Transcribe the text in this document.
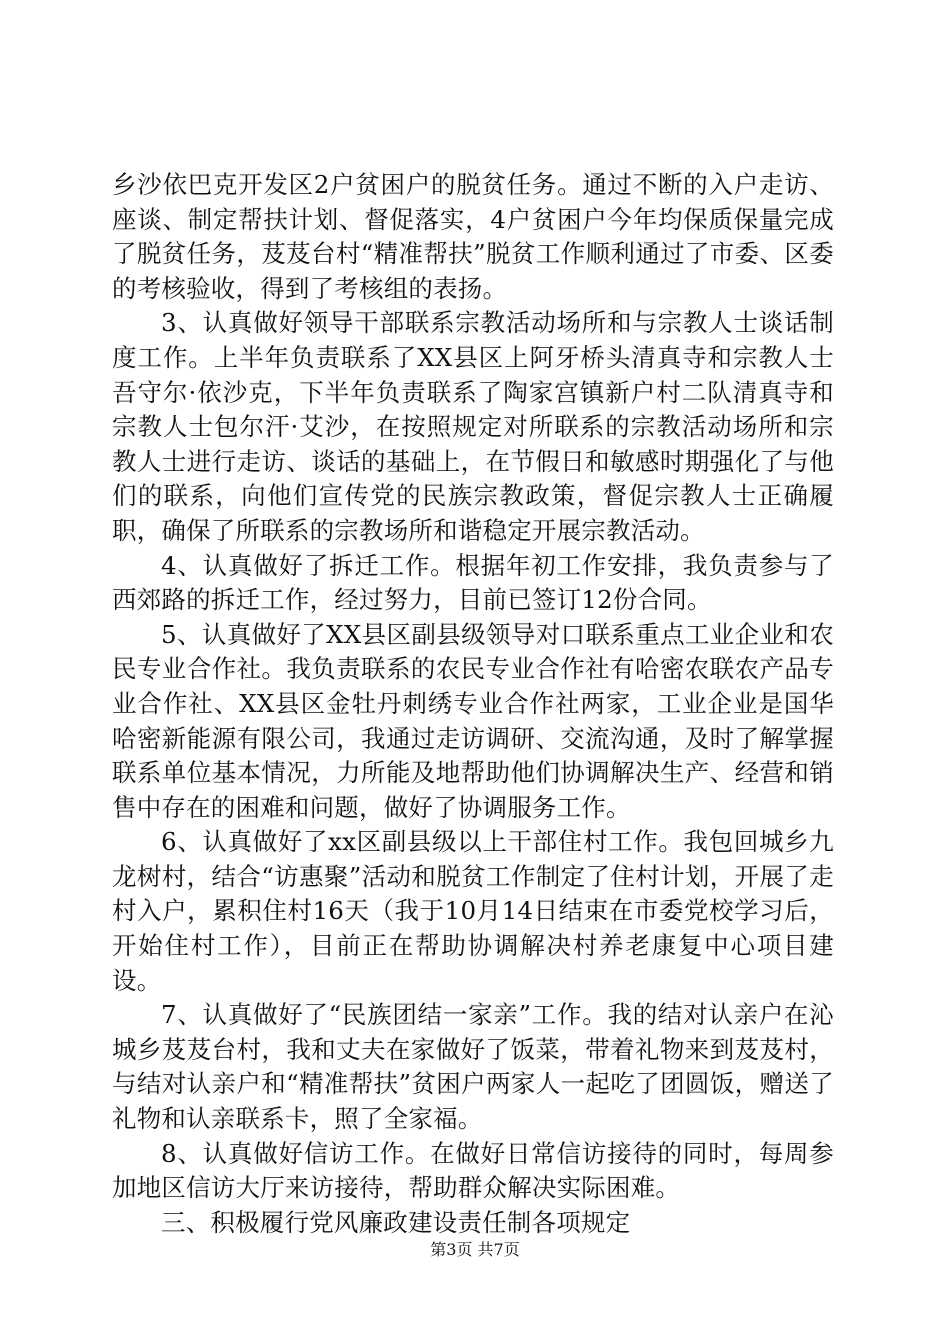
乡沙依巴克开发区2户贫困户的脱贫任务。通过不断的入户走访、座谈、制定帮扶计划、督促落实，4户贫困户今年均保质保量完成了脱贫任务，芨芨台村“精准帮扶”脱贫工作顺利通过了市委、区委的考核验收，得到了考核组的表扬。

3、认真做好领导干部联系宗教活动场所和与宗教人士谈话制度工作。上半年负责联系了XX县区上阿牙桥头清真寺和宗教人士吾守尔·依沙克，下半年负责联系了陶家宫镇新户村二队清真寺和宗教人士包尔汗·艾沙，在按照规定对所联系的宗教活动场所和宗教人士进行走访、谈话的基础上，在节假日和敏感时期强化了与他们的联系，向他们宣传党的民族宗教政策，督促宗教人士正确履职，确保了所联系的宗教场所和谐稳定开展宗教活动。

4、认真做好了拆迁工作。根据年初工作安排，我负责参与了西郊路的拆迁工作，经过努力，目前已签订12份合同。

5、认真做好了XX县区副县级领导对口联系重点工业企业和农民专业合作社。我负责联系的农民专业合作社有哈密农联农产品专业合作社、XX县区金牡丹刺绣专业合作社两家，工业企业是国华哈密新能源有限公司，我通过走访调研、交流沟通，及时了解掌握联系单位基本情况，力所能及地帮助他们协调解决生产、经营和销售中存在的困难和问题，做好了协调服务工作。

6、认真做好了xx区副县级以上干部住村工作。我包回城乡九龙树村，结合“访惠聚”活动和脱贫工作制定了住村计划，开展了走村入户，累积住村16天（我于10月14日结束在市委党校学习后，开始住村工作），目前正在帮助协调解决村养老康复中心项目建设。

7、认真做好了“民族团结一家亲”工作。我的结对认亲户在沁城乡芨芨台村，我和丈夫在家做好了饭菜，带着礼物来到芨芨村，与结对认亲户和“精准帮扶”贫困户两家人一起吃了团圆饭，赠送了礼物和认亲联系卡，照了全家福。

8、认真做好信访工作。在做好日常信访接待的同时，每周参加地区信访大厅来访接待，帮助群众解决实际困难。

三、积极履行党风廉政建设责任制各项规定

第3页 共7页
